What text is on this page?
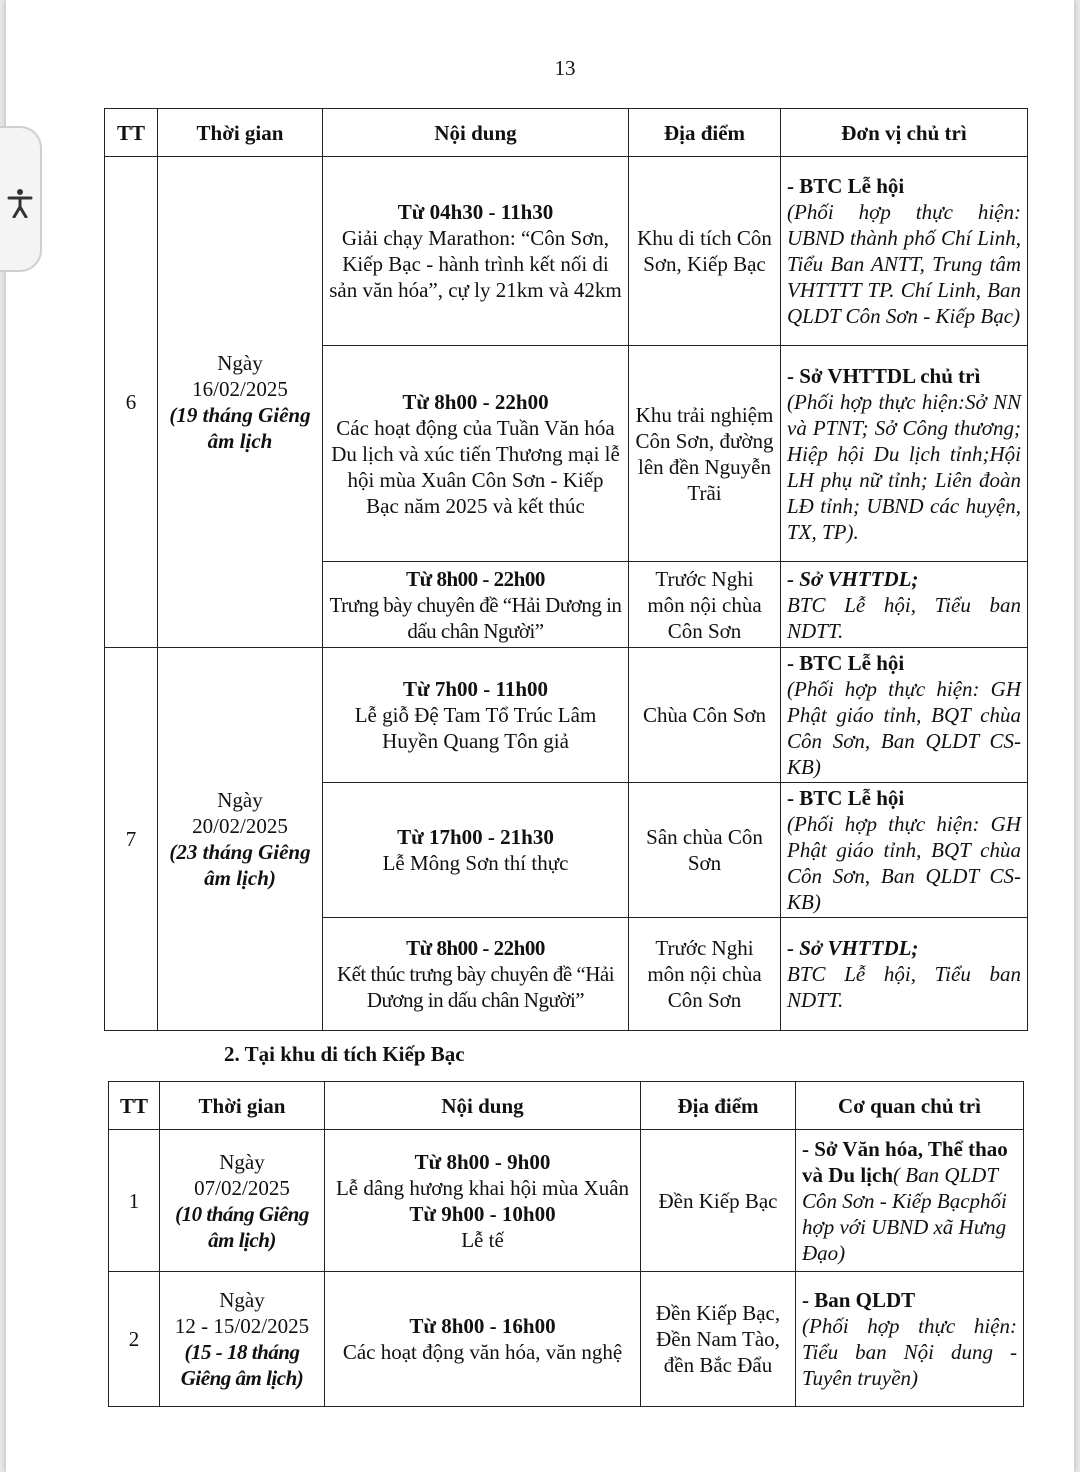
13
TT	Thời gian	Nội dung	Địa điểm	Đơn vị chủ trì
6	Ngày
16/02/2025
(19 tháng Giêng âm lịch	Từ 04h30 - 11h30
Giải chạy Marathon: “Côn Sơn, Kiếp Bạc - hành trình kết nối di sản văn hóa”, cự ly 21km và 42km	Khu di tích Côn Sơn, Kiếp Bạc	- BTC Lễ hội
(Phối hợp thực hiện: UBND thành phố Chí Linh, Tiểu Ban ANTT, Trung tâm VHTTTT TP. Chí Linh, Ban QLDT Côn Sơn - Kiếp Bạc)

		Từ 8h00 - 22h00
Các hoạt động của Tuần Văn hóa Du lịch và xúc tiến Thương mại lễ hội mùa Xuân Côn Sơn - Kiếp Bạc năm 2025 và kết thúc	Khu trải nghiệm Côn Sơn, đường lên đền Nguyễn Trãi	- Sở VHTTDL chủ trì
(Phối hợp thực hiện:Sở NN và PTNT; Sở Công thương; Hiệp hội Du lịch tỉnh;Hội LH phụ nữ tỉnh; Liên đoàn LĐ tỉnh; UBND các huyện, TX, TP).

		Từ 8h00 - 22h00
Trưng bày chuyên đề “Hải Dương in dấu chân Người”	Trước Nghi môn nội chùa Côn Sơn	- Sở VHTTDL;
BTC Lễ hội, Tiểu ban NDTT.

7	Ngày
20/02/2025
(23 tháng Giêng âm lịch)	Từ 7h00 - 11h00
Lễ giỗ Đệ Tam Tổ Trúc Lâm Huyền Quang Tôn giả	Chùa Côn Sơn	- BTC Lễ hội
(Phối hợp thực hiện: GH Phật giáo tỉnh, BQT chùa Côn Sơn, Ban QLDT CS-KB)

		Từ 17h00 - 21h30
Lễ Mông Sơn thí thực	Sân chùa Côn Sơn	- BTC Lễ hội
(Phối hợp thực hiện: GH Phật giáo tỉnh, BQT chùa Côn Sơn, Ban QLDT CS-KB)

		Từ 8h00 - 22h00
Kết thúc trưng bày chuyên đề “Hải Dương in dấu chân Người”	Trước Nghi môn nội chùa Côn Sơn	- Sở VHTTDL;
BTC Lễ hội, Tiểu ban NDTT.
2. Tại khu di tích Kiếp Bạc
TT	Thời gian	Nội dung	Địa điểm	Cơ quan chủ trì
1	Ngày
07/02/2025
(10 tháng Giêng âm lịch)	Từ 8h00 - 9h00
Lễ dâng hương khai hội mùa Xuân
Từ 9h00 - 10h00
Lễ tế	Đền Kiếp Bạc	- Sở Văn hóa, Thể thao và Du lịch( Ban QLDT Côn Sơn - Kiếp Bạcphối hợp với UBND xã Hưng Đạo)
2	Ngày
12 - 15/02/2025
(15 - 18 tháng Giêng âm lịch)	Từ 8h00 - 16h00
Các hoạt động văn hóa, văn nghệ	Đền Kiếp Bạc, Đền Nam Tào, đền Bắc Đẩu	- Ban QLDT
(Phối hợp thực hiện: Tiểu ban Nội dung - Tuyên truyền)
